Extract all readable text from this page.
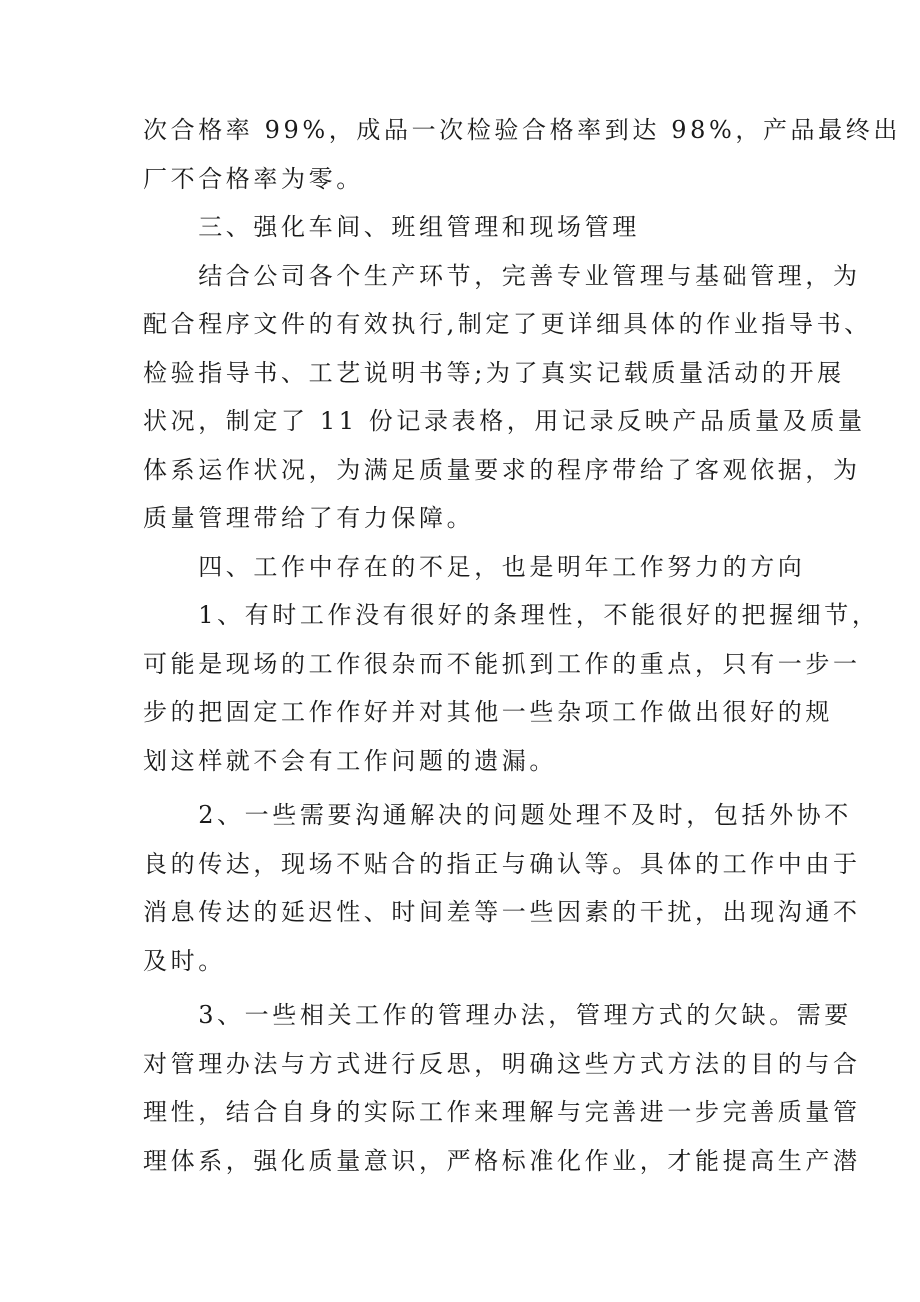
次合格率 99%，成品一次检验合格率到达 98%，产品最终出
厂不合格率为零。
　　三、强化车间、班组管理和现场管理
　　结合公司各个生产环节，完善专业管理与基础管理，为
配合程序文件的有效执行,制定了更详细具体的作业指导书、
检验指导书、工艺说明书等;为了真实记载质量活动的开展
状况，制定了 11 份记录表格，用记录反映产品质量及质量
体系运作状况，为满足质量要求的程序带给了客观依据，为
质量管理带给了有力保障。
　　四、工作中存在的不足，也是明年工作努力的方向
　　1、有时工作没有很好的条理性，不能很好的把握细节，
可能是现场的工作很杂而不能抓到工作的重点，只有一步一
步的把固定工作作好并对其他一些杂项工作做出很好的规
划这样就不会有工作问题的遗漏。
　　2、一些需要沟通解决的问题处理不及时，包括外协不
良的传达，现场不贴合的指正与确认等。具体的工作中由于
消息传达的延迟性、时间差等一些因素的干扰，出现沟通不
及时。
　　3、一些相关工作的管理办法，管理方式的欠缺。需要
对管理办法与方式进行反思，明确这些方式方法的目的与合
理性，结合自身的实际工作来理解与完善进一步完善质量管
理体系，强化质量意识，严格标准化作业，才能提高生产潜
